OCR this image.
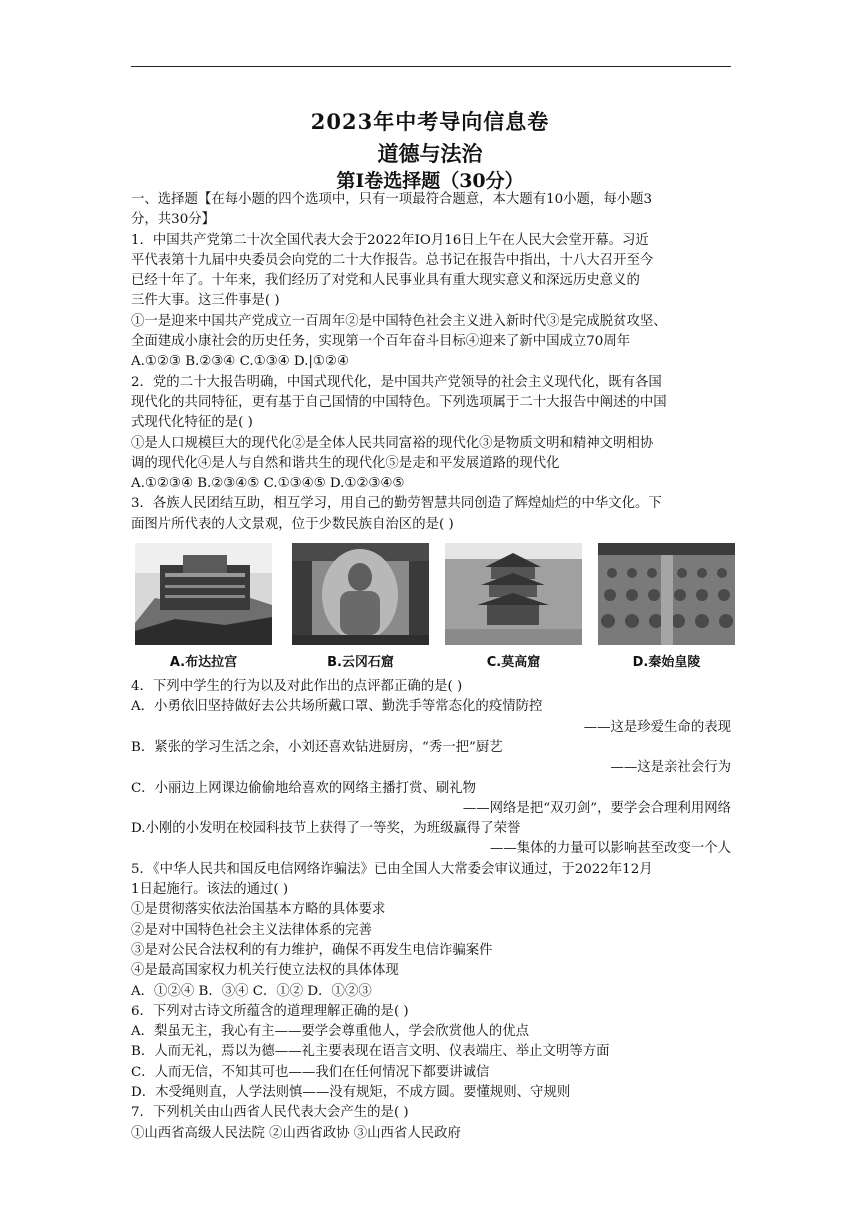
2023年中考导向信息卷
道德与法治
第Ⅰ卷选择题（30分）
一、选择题【在每小题的四个选项中，只有一项最符合题意，本大题有10小题，每小题3
分，共30分】
1．中国共产党第二十次全国代表大会于2022年IO月16日上午在人民大会堂开幕。习近
平代表第十九届中央委员会向党的二十大作报告。总书记在报告中指出，十八大召开至今
已经十年了。十年来，我们经历了对党和人民事业具有重大现实意义和深远历史意义的
三件大事。这三件事是( )
①一是迎来中国共产党成立一百周年②是中国特色社会主义进入新时代③是完成脱贫攻坚、
全面建成小康社会的历史任务，实现第一个百年奋斗目标④迎来了新中国成立70周年
A.①②③ B.②③④ C.①③④ D.|①②④
2．党的二十大报告明确，中国式现代化，是中国共产党领导的社会主义现代化，既有各国
现代化的共同特征，更有基于自己国情的中国特色。下列选项属于二十大报告中阐述的中国
式现代化特征的是( )
①是人口规模巨大的现代化②是全体人民共同富裕的现代化③是物质文明和精神文明相协
调的现代化④是人与自然和谐共生的现代化⑤是走和平发展道路的现代化
A.①②③④ B.②③④⑤ C.①③④⑤ D.①②③④⑤
3．各族人民团结互助，相互学习，用自己的勤劳智慧共同创造了辉煌灿烂的中华文化。下
面图片所代表的人文景观，位于少数民族自治区的是( )
A.布达拉宫	B.云冈石窟	C.莫高窟	D.秦始皇陵
4．下列中学生的行为以及对此作出的点评都正确的是( )
A．小勇依旧坚持做好去公共场所戴口罩、勤洗手等常态化的疫情防控
——这是珍爱生命的表现
B．紧张的学习生活之余，小刘还喜欢钻进厨房，“秀一把”厨艺
——这是亲社会行为
C．小丽边上网课边偷偷地给喜欢的网络主播打赏、刷礼物
——网络是把“双刃剑”，要学会合理利用网络
D.小刚的小发明在校园科技节上获得了一等奖，为班级赢得了荣誉
——集体的力量可以影响甚至改变一个人
5．《中华人民共和国反电信网络诈骗法》已由全国人大常委会审议通过，于2022年12月
1日起施行。该法的通过( )
①是贯彻落实依法治国基本方略的具体要求
②是对中国特色社会主义法律体系的完善
③是对公民合法权利的有力维护，确保不再发生电信诈骗案件
④是最高国家权力机关行使立法权的具体体现
A．①②④ B．③④ C．①② D．①②③
6．下列对古诗文所蕴含的道理理解正确的是( )
A．梨虽无主，我心有主——要学会尊重他人，学会欣赏他人的优点
B．人而无礼，焉以为德——礼主要表现在语言文明、仪表端庄、举止文明等方面
C．人而无信，不知其可也——我们在任何情况下都要讲诚信
D．木受绳则直，人学法则慎——没有规矩，不成方圆。要懂规则、守规则
7．下列机关由山西省人民代表大会产生的是( )
①山西省高级人民法院 ②山西省政协 ③山西省人民政府
